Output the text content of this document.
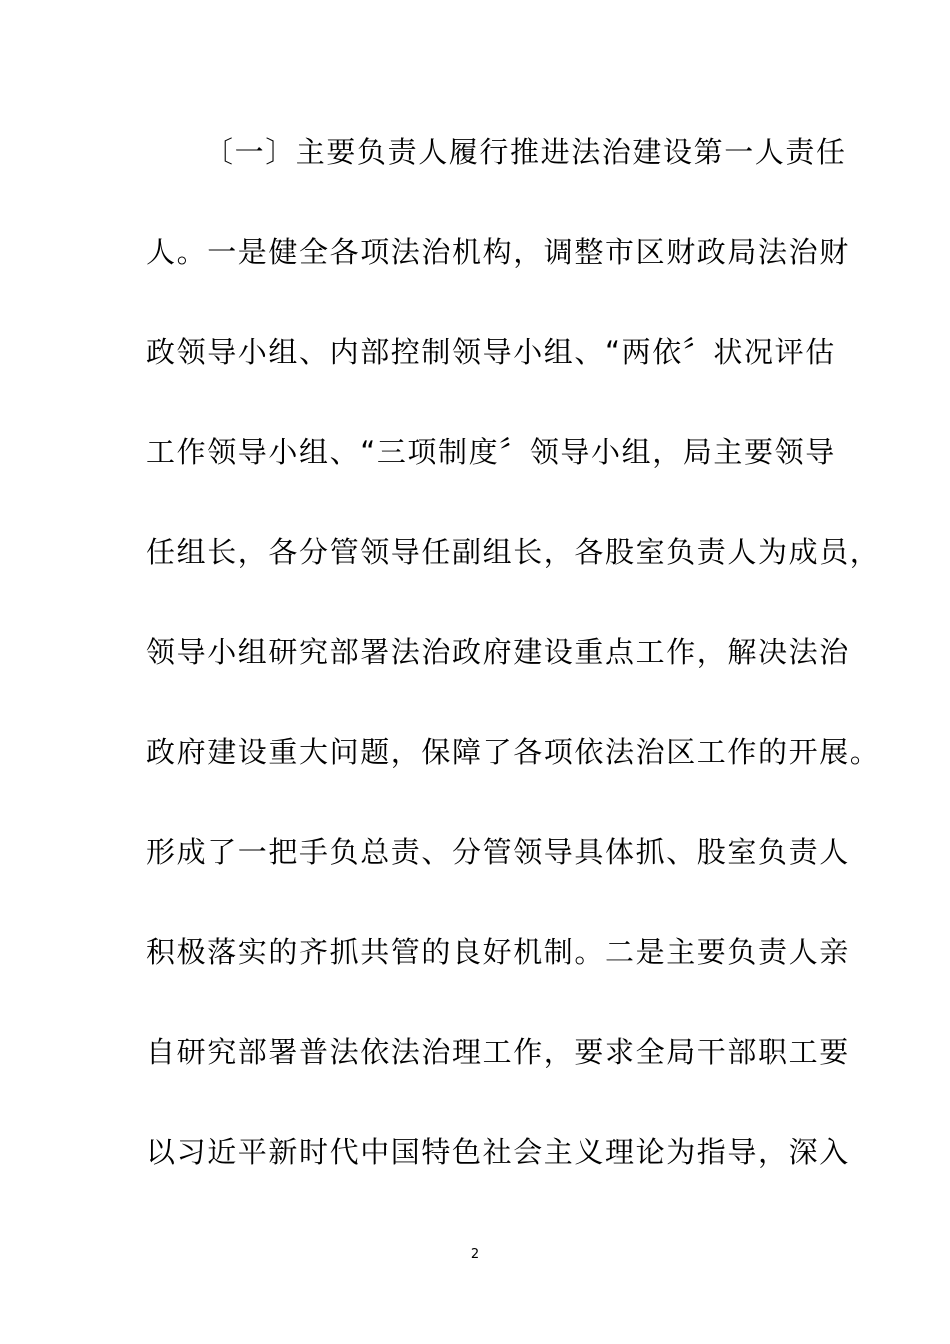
〔一〕主要负责人履行推进法治建设第一人责任
人。一是健全各项法治机构，调整市区财政局法治财
政领导小组、内部控制领导小组、“两依〞状况评估
工作领导小组、“三项制度〞领导小组，局主要领导
任组长，各分管领导任副组长，各股室负责人为成员，
领导小组研究部署法治政府建设重点工作，解决法治
政府建设重大问题，保障了各项依法治区工作的开展。
形成了一把手负总责、分管领导具体抓、股室负责人
积极落实的齐抓共管的良好机制。二是主要负责人亲
自研究部署普法依法治理工作，要求全局干部职工要
以习近平新时代中国特色社会主义理论为指导，深入
2
